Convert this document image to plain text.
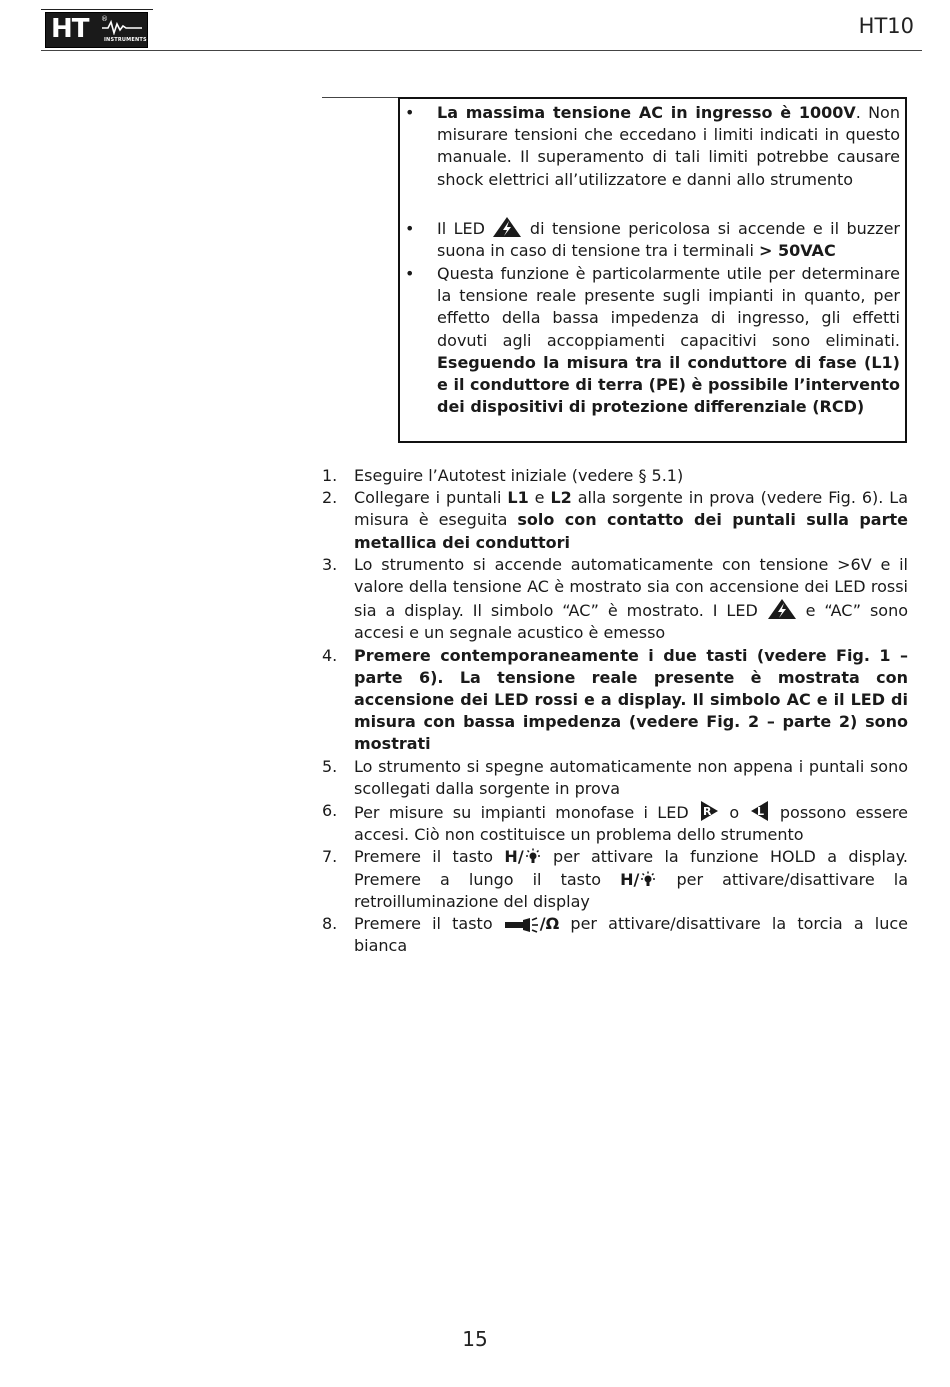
HT ®
INSTRUMENTS
HT10
• La massima tensione AC in ingresso è 1000V. Non misurare tensioni che eccedano i limiti indicati in questo manuale. Il superamento di tali limiti potrebbe causare shock elettrici all’utilizzatore e danni allo strumento
• Il LED	di tensione pericolosa si accende e il buzzer suona in caso di tensione tra i terminali > 50VAC
• Questa funzione è particolarmente utile per determinare la tensione reale presente sugli impianti in quanto, per effetto della bassa impedenza di ingresso, gli effetti dovuti agli accoppiamenti capacitivi sono eliminati. Eseguendo la misura tra il conduttore di fase (L1) e il conduttore di terra (PE) è possibile l’intervento dei dispositivi di protezione differenziale (RCD)
1. Eseguire l’Autotest iniziale (vedere § 5.1)
2. Collegare i puntali L1 e L2 alla sorgente in prova (vedere Fig. 6). La misura è eseguita solo con contatto dei puntali sulla parte metallica dei conduttori
3. Lo strumento si accende automaticamente con tensione >6V e il valore della tensione AC è mostrato sia con accensione dei LED rossi sia a display. Il simbolo “AC” è mostrato. I LED	e “AC” sono accesi e un segnale acustico è emesso
4. Premere contemporaneamente i due tasti (vedere Fig. 1 – parte 6). La tensione reale presente è mostrata con accensione dei LED rossi e a display. Il simbolo AC e il LED di misura con bassa impedenza (vedere Fig. 2 – parte 2) sono mostrati
5. Lo strumento si spegne automaticamente non appena i puntali sono scollegati dalla sorgente in prova
6. Per misure su impianti monofase i LED R o L possono essere accesi. Ciò non costituisce un problema dello strumento
7. Premere il tasto H/ per attivare la funzione HOLD a display. Premere a lungo il tasto H/ per attivare/disattivare la retroilluminazione del display
8. Premere il tasto	/Ω per attivare/disattivare la torcia a luce bianca
15
